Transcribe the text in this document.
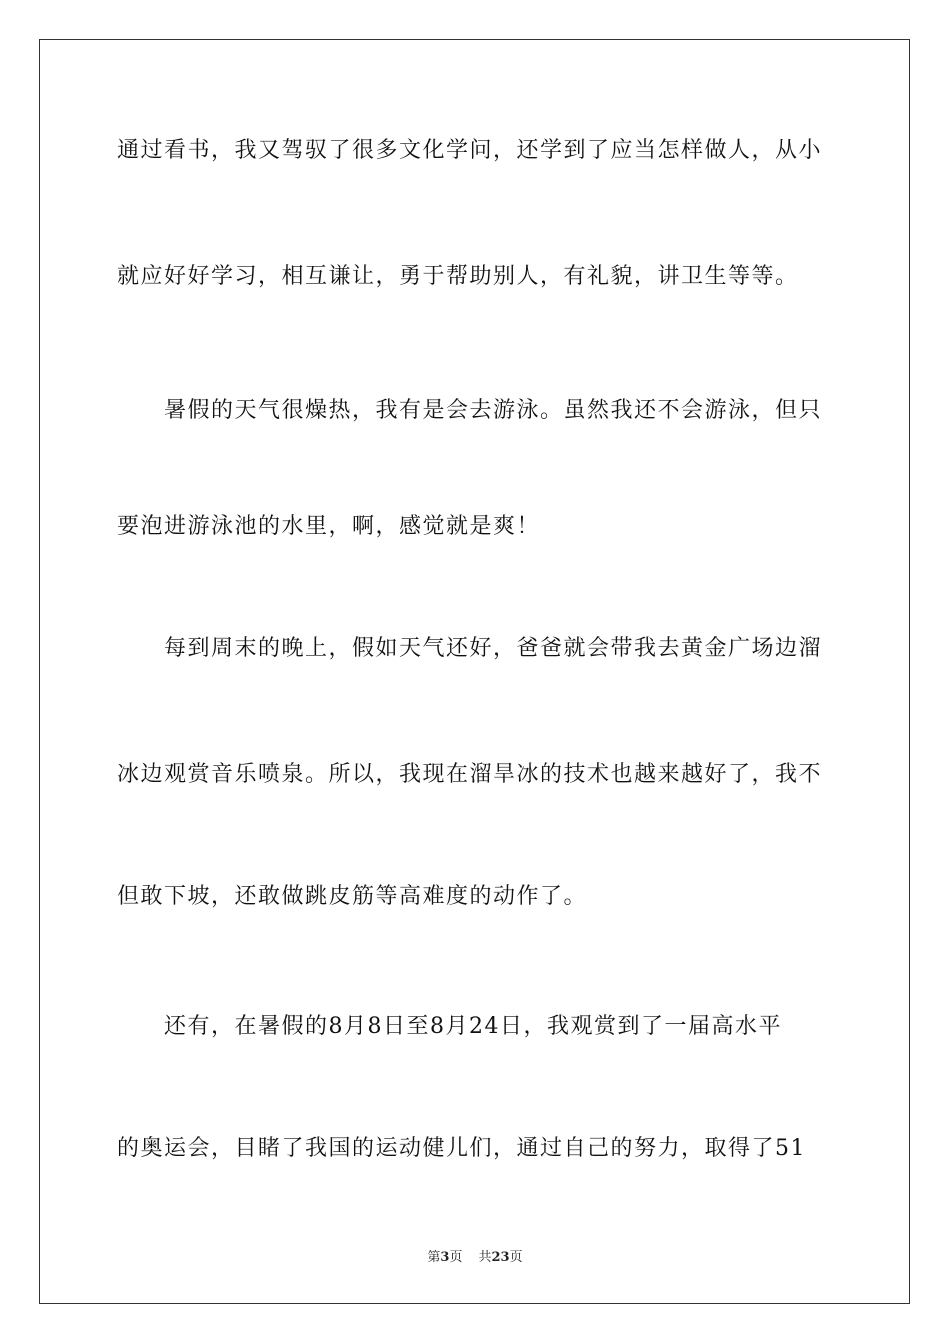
通过看书，我又驾驭了很多文化学问，还学到了应当怎样做人，从小
就应好好学习，相互谦让，勇于帮助别人，有礼貌，讲卫生等等。
暑假的天气很燥热，我有是会去游泳。虽然我还不会游泳，但只
要泡进游泳池的水里，啊，感觉就是爽！
每到周末的晚上，假如天气还好，爸爸就会带我去黄金广场边溜
冰边观赏音乐喷泉。所以，我现在溜旱冰的技术也越来越好了，我不
但敢下坡，还敢做跳皮筋等高难度的动作了。
还有，在暑假的8月8日至8月24日，我观赏到了一届高水平
的奥运会，目睹了我国的运动健儿们，通过自己的努力，取得了51
第3页 共23页
